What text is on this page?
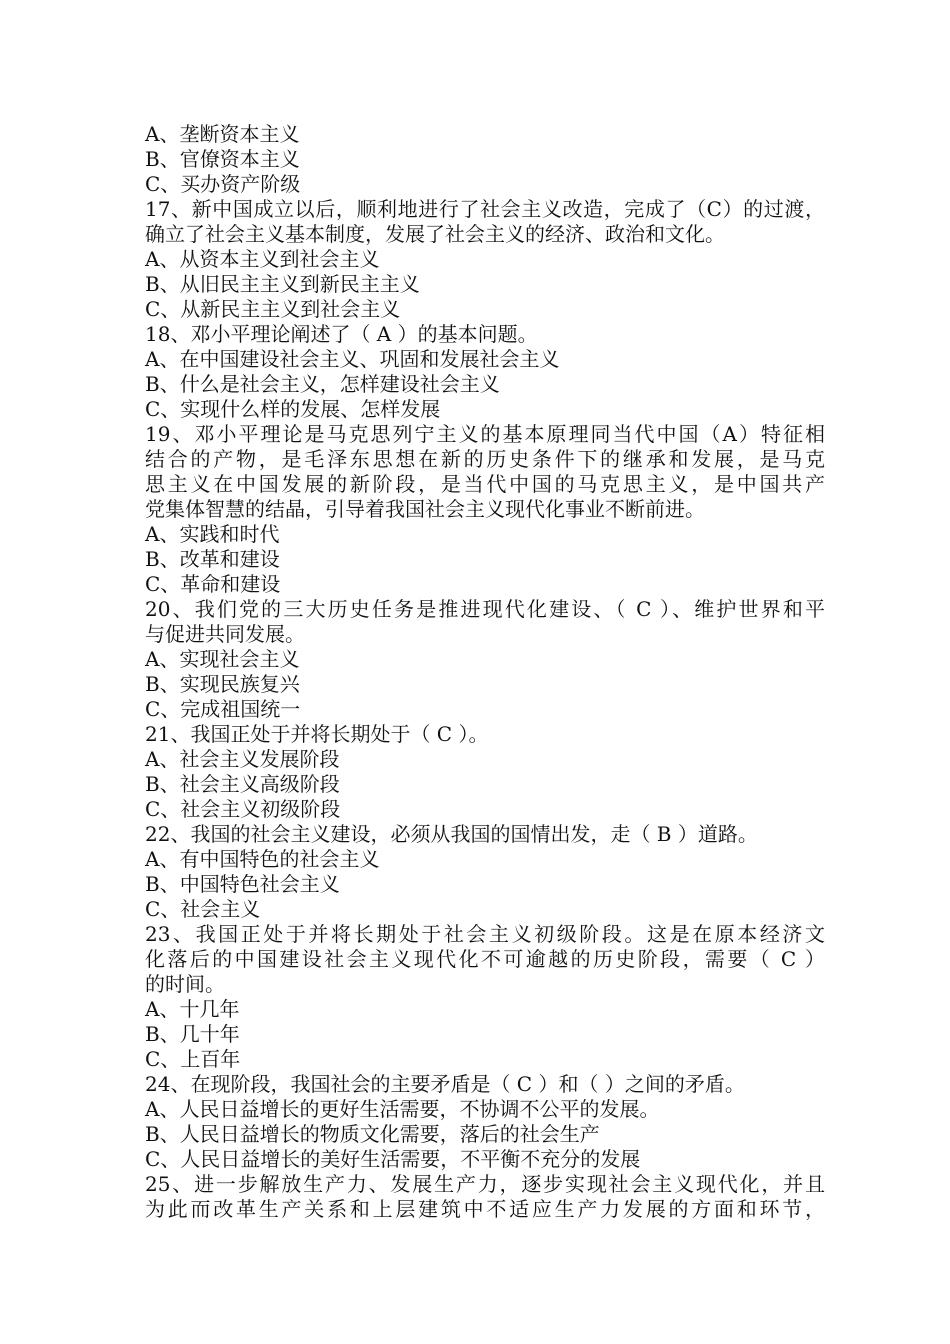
A、垄断资本主义
B、官僚资本主义
C、买办资产阶级
17、新中国成立以后，顺利地进行了社会主义改造，完成了（C）的过渡，
确立了社会主义基本制度，发展了社会主义的经济、政治和文化。
A、从资本主义到社会主义
B、从旧民主主义到新民主主义
C、从新民主主义到社会主义
18、邓小平理论阐述了（ A ）的基本问题。
A、在中国建设社会主义、巩固和发展社会主义
B、什么是社会主义，怎样建设社会主义
C、实现什么样的发展、怎样发展
19、邓小平理论是马克思列宁主义的基本原理同当代中国（A）特征相
结合的产物，是毛泽东思想在新的历史条件下的继承和发展，是马克
思主义在中国发展的新阶段，是当代中国的马克思主义，是中国共产
党集体智慧的结晶，引导着我国社会主义现代化事业不断前进。
A、实践和时代
B、改革和建设
C、革命和建设
20、我们党的三大历史任务是推进现代化建设、（ C ）、维护世界和平
与促进共同发展。
A、实现社会主义
B、实现民族复兴
C、完成祖国统一
21、我国正处于并将长期处于（ C ）。
A、社会主义发展阶段
B、社会主义高级阶段
C、社会主义初级阶段
22、我国的社会主义建设，必须从我国的国情出发，走（ B ）道路。
A、有中国特色的社会主义
B、中国特色社会主义
C、社会主义
23、我国正处于并将长期处于社会主义初级阶段。这是在原本经济文
化落后的中国建设社会主义现代化不可逾越的历史阶段，需要（ C ）
的时间。
A、十几年
B、几十年
C、上百年
24、在现阶段，我国社会的主要矛盾是（ C ）和（ ）之间的矛盾。
A、人民日益增长的更好生活需要，不协调不公平的发展。
B、人民日益增长的物质文化需要，落后的社会生产
C、人民日益增长的美好生活需要，不平衡不充分的发展
25、进一步解放生产力、发展生产力，逐步实现社会主义现代化，并且
为此而改革生产关系和上层建筑中不适应生产力发展的方面和环节，
